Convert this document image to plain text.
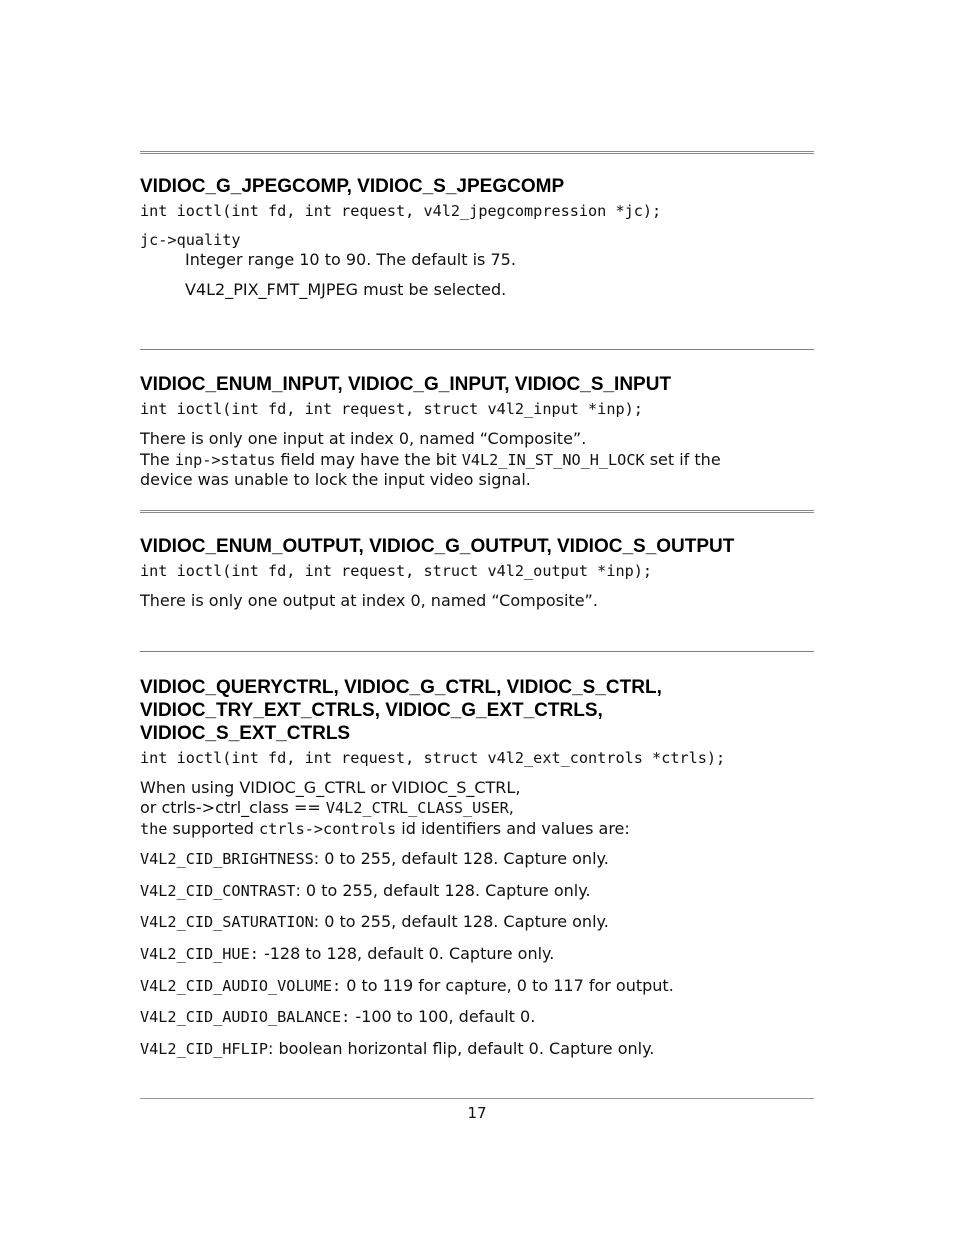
VIDIOC_G_JPEGCOMP, VIDIOC_S_JPEGCOMP
int ioctl(int fd, int request, v4l2_jpegcompression *jc);
jc->quality
Integer range 10 to 90. The default is 75.
V4L2_PIX_FMT_MJPEG must be selected.
VIDIOC_ENUM_INPUT, VIDIOC_G_INPUT, VIDIOC_S_INPUT
int ioctl(int fd, int request, struct v4l2_input *inp);
There is only one input at index 0, named “Composite”.
The inp->status field may have the bit V4L2_IN_ST_NO_H_LOCK set if the
device was unable to lock the input video signal.
VIDIOC_ENUM_OUTPUT, VIDIOC_G_OUTPUT, VIDIOC_S_OUTPUT
int ioctl(int fd, int request, struct v4l2_output *inp);
There is only one output at index 0, named “Composite”.
VIDIOC_QUERYCTRL, VIDIOC_G_CTRL, VIDIOC_S_CTRL,
VIDIOC_TRY_EXT_CTRLS, VIDIOC_G_EXT_CTRLS,
VIDIOC_S_EXT_CTRLS
int ioctl(int fd, int request, struct v4l2_ext_controls *ctrls);
When using VIDIOC_G_CTRL or VIDIOC_S_CTRL,
or ctrls->ctrl_class == V4L2_CTRL_CLASS_USER,
the supported ctrls->controls id identifiers and values are:
V4L2_CID_BRIGHTNESS: 0 to 255, default 128. Capture only.
V4L2_CID_CONTRAST: 0 to 255, default 128. Capture only.
V4L2_CID_SATURATION: 0 to 255, default 128. Capture only.
V4L2_CID_HUE: -128 to 128, default 0. Capture only.
V4L2_CID_AUDIO_VOLUME: 0 to 119 for capture, 0 to 117 for output.
V4L2_CID_AUDIO_BALANCE: -100 to 100, default 0.
V4L2_CID_HFLIP: boolean horizontal flip, default 0. Capture only.
17
